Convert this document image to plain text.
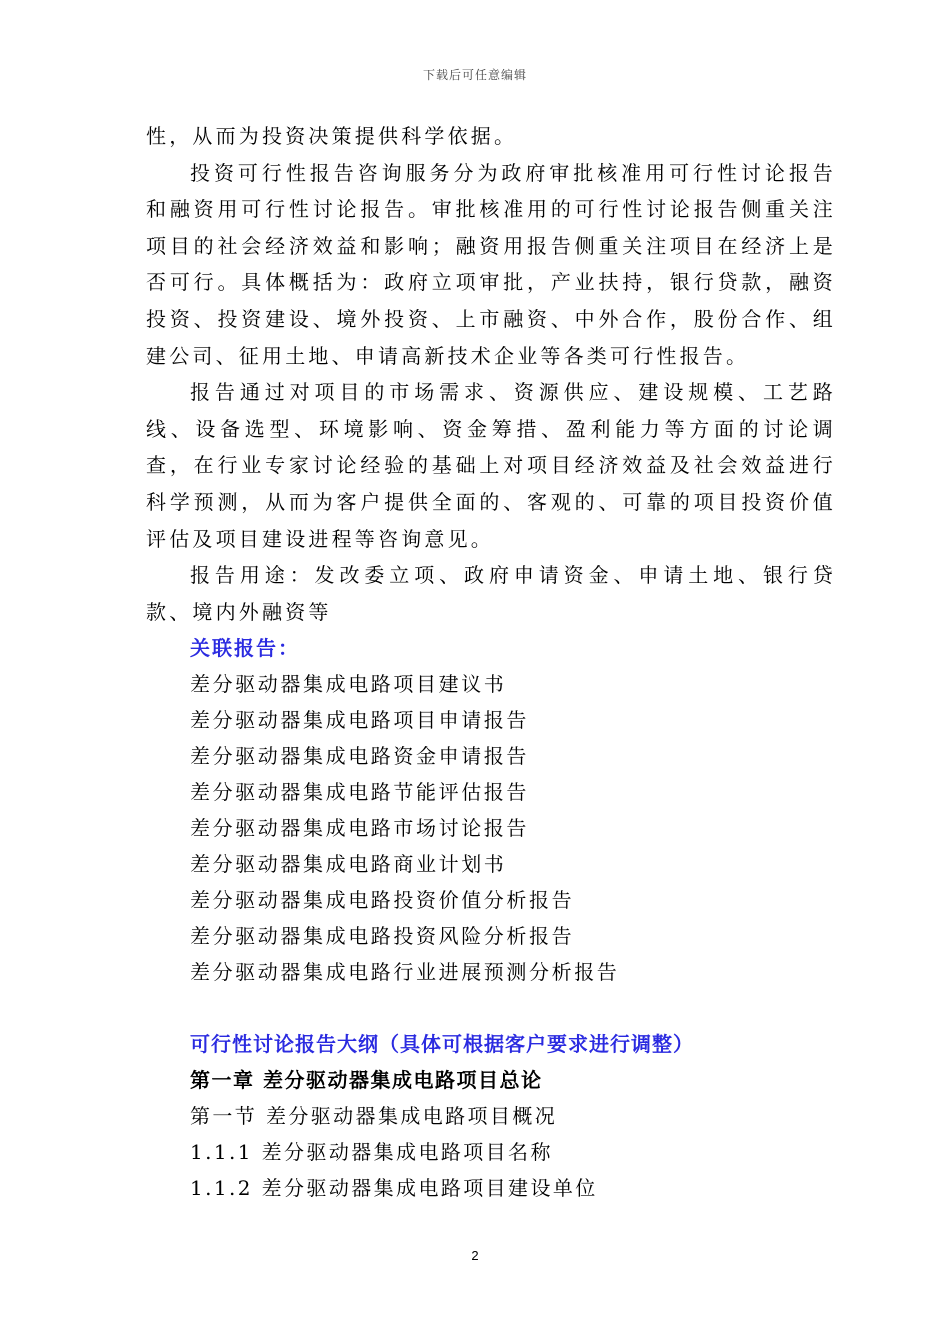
下载后可任意编辑

性，从而为投资决策提供科学依据。

投资可行性报告咨询服务分为政府审批核准用可行性讨论报告和融资用可行性讨论报告。审批核准用的可行性讨论报告侧重关注项目的社会经济效益和影响；融资用报告侧重关注项目在经济上是否可行。具体概括为：政府立项审批，产业扶持，银行贷款，融资投资、投资建设、境外投资、上市融资、中外合作，股份合作、组建公司、征用土地、申请高新技术企业等各类可行性报告。

报告通过对项目的市场需求、资源供应、建设规模、工艺路线、设备选型、环境影响、资金筹措、盈利能力等方面的讨论调查，在行业专家讨论经验的基础上对项目经济效益及社会效益进行科学预测，从而为客户提供全面的、客观的、可靠的项目投资价值评估及项目建设进程等咨询意见。

报告用途：发改委立项、政府申请资金、申请土地、银行贷款、境内外融资等

关联报告：

差分驱动器集成电路项目建议书

差分驱动器集成电路项目申请报告

差分驱动器集成电路资金申请报告

差分驱动器集成电路节能评估报告

差分驱动器集成电路市场讨论报告

差分驱动器集成电路商业计划书

差分驱动器集成电路投资价值分析报告

差分驱动器集成电路投资风险分析报告

差分驱动器集成电路行业进展预测分析报告

可行性讨论报告大纲（具体可根据客户要求进行调整）

第一章 差分驱动器集成电路项目总论

第一节 差分驱动器集成电路项目概况

1.1.1 差分驱动器集成电路项目名称

1.1.2 差分驱动器集成电路项目建设单位

2
